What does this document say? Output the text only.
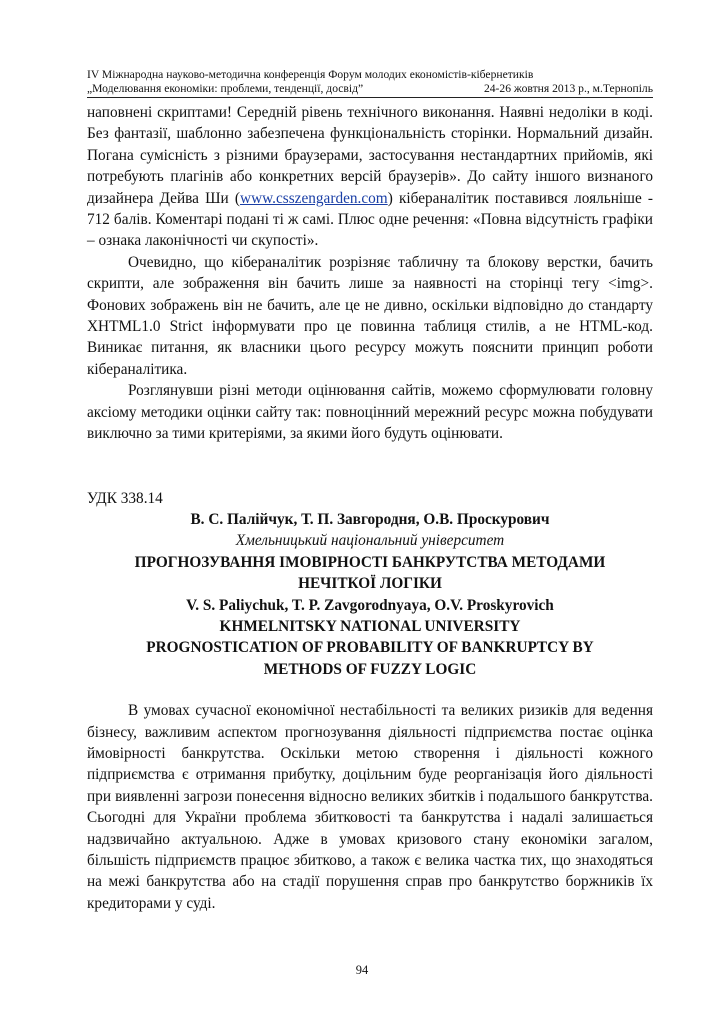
IV Міжнародна науково-методична конференція Форум молодих економістів-кібернетиків
„Моделювання економіки: проблеми, тенденції, досвід”	24-26 жовтня 2013 р., м.Тернопіль

наповнені скриптами! Середній рівень технічного виконання. Наявні недоліки в коді. Без фантазії, шаблонно забезпечена функціональність сторінки. Нормальний дизайн. Погана сумісність з різними браузерами, застосування нестандартних прийомів, які потребують плагінів або конкретних версій браузерів». До сайту іншого визнаного дизайнера Дейва Ши (www.csszengarden.com) кібераналітик поставився лояльніше - 712 балів. Коментарі подані ті ж самі. Плюс одне речення: «Повна відсутність графіки – ознака лаконічності чи скупості».

Очевидно, що кібераналітик розрізняє табличну та блокову верстки, бачить скрипти, але зображення він бачить лише за наявності на сторінці тегу <img>. Фонових зображень він не бачить, але це не дивно, оскільки відповідно до стандарту XHTML1.0 Strict інформувати про це повинна таблиця стилів, а не HTML-код. Виникає питання, як власники цього ресурсу можуть пояснити принцип роботи кібераналітика.

Розглянувши різні методи оцінювання сайтів, можемо сформулювати головну аксіому методики оцінки сайту так: повноцінний мережний ресурс можна побудувати виключно за тими критеріями, за якими його будуть оцінювати.

УДК 338.14

В. С. Палійчук, Т. П. Завгородня, О.В. Проскурович

Хмельницький національний університет

ПРОГНОЗУВАННЯ ІМОВІРНОСТІ БАНКРУТСТВА МЕТОДАМИ

НЕЧІТКОЇ ЛОГІКИ

V. S. Paliychuk, T. P. Zavgorodnyaya, O.V. Proskyrovich

KHMELNITSKY NATIONAL UNIVERSITY

PROGNOSTICATION OF PROBABILITY OF BANKRUPTCY BY

METHODS OF FUZZY LOGIC

В умовах сучасної економічної нестабільності та великих ризиків для ведення бізнесу, важливим аспектом прогнозування діяльності підприємства постає оцінка ймовірності банкрутства. Оскільки метою створення і діяльності кожного підприємства є отримання прибутку, доцільним буде реорганізація його діяльності при виявленні загрози понесення відносно великих збитків і подальшого банкрутства. Сьогодні для України проблема збитковості та банкрутства і надалі залишається надзвичайно актуальною. Адже в умовах кризового стану економіки загалом, більшість підприємств працює збитково, а також є велика частка тих, що знаходяться на межі банкрутства або на стадії порушення справ про банкрутство боржників їх кредиторами у суді.

94
